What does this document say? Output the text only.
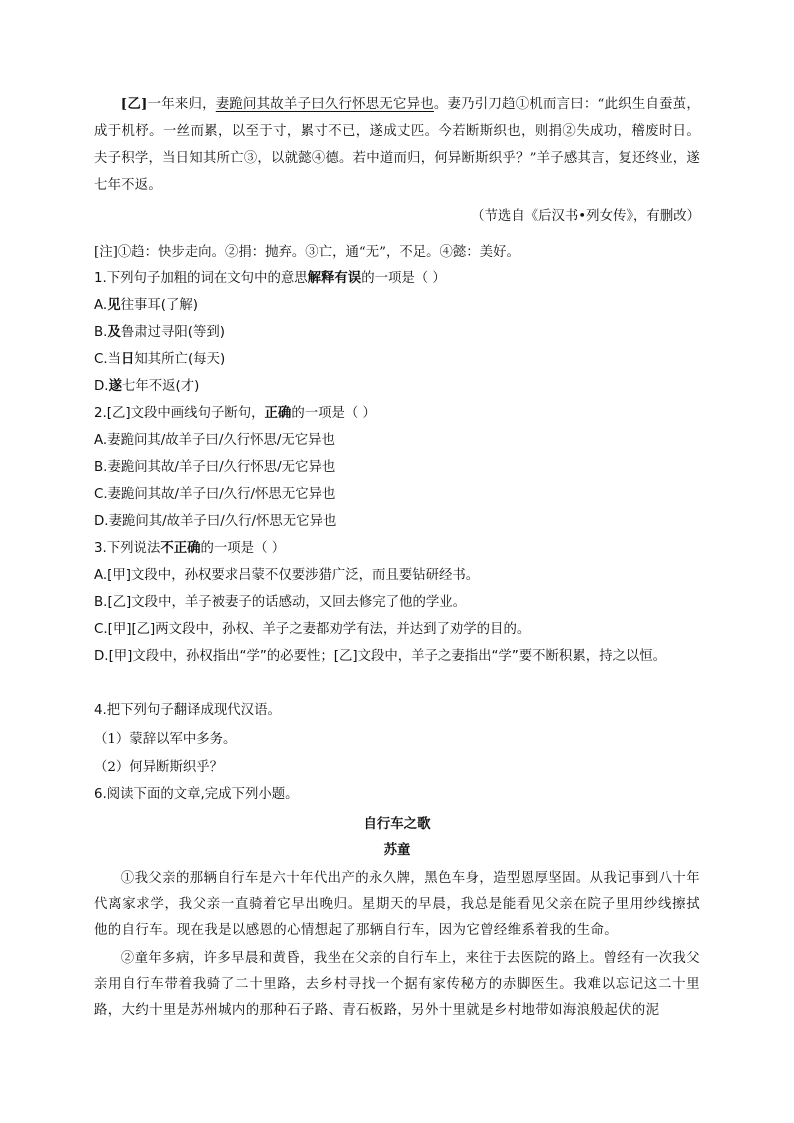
[乙]一年来归，妻跪问其故羊子曰久行怀思无它异也。妻乃引刀趋①机而言曰：“此织生自蚕茧，成于机杼。一丝而累，以至于寸，累寸不已，遂成丈匹。今若断斯织也，则捐②失成功，稽废时日。夫子积学，当日知其所亡③，以就懿④德。若中道而归，何异断斯织乎？”羊子感其言，复还终业，遂七年不返。

（节选自《后汉书•列女传》，有删改）

[注]①趋：快步走向。②捐：抛弃。③亡，通“无”，不足。④懿：美好。

1.下列句子加粗的词在文句中的意思解释有误的一项是（ ）

A.见往事耳(了解)

B.及鲁肃过寻阳(等到)

C.当日知其所亡(每天)

D.遂七年不返(才)

2.[乙]文段中画线句子断句，正确的一项是（ ）

A.妻跪问其/故羊子曰/久行怀思/无它异也

B.妻跪问其故/羊子曰/久行怀思/无它异也

C.妻跪问其故/羊子曰/久行/怀思无它异也

D.妻跪问其/故羊子曰/久行/怀思无它异也

3.下列说法不正确的一项是（ ）

A.[甲]文段中，孙权要求吕蒙不仅要涉猎广泛，而且要钻研经书。

B.[乙]文段中，羊子被妻子的话感动，又回去修完了他的学业。

C.[甲][乙]两文段中，孙权、羊子之妻都劝学有法，并达到了劝学的目的。

D.[甲]文段中，孙权指出“学”的必要性；[乙]文段中，羊子之妻指出“学”要不断积累，持之以恒。

4.把下列句子翻译成现代汉语。

（1）蒙辞以军中多务。

（2）何异断斯织乎？

6.阅读下面的文章,完成下列小题。

自行车之歌

苏童

①我父亲的那辆自行车是六十年代出产的永久牌，黑色车身，造型恩厚坚固。从我记事到八十年代离家求学，我父亲一直骑着它早出晚归。星期天的早晨，我总是能看见父亲在院子里用纱线擦拭他的自行车。现在我是以感恩的心情想起了那辆自行车，因为它曾经维系着我的生命。

②童年多病，许多早晨和黄昏，我坐在父亲的自行车上，来往于去医院的路上。曾经有一次我父亲用自行车带着我骑了二十里路，去乡村寻找一个据有家传秘方的赤脚医生。我难以忘记这二十里路，大约十里是苏州城内的那种石子路、青石板路，另外十里就是乡村地带如海浪般起伏的泥
